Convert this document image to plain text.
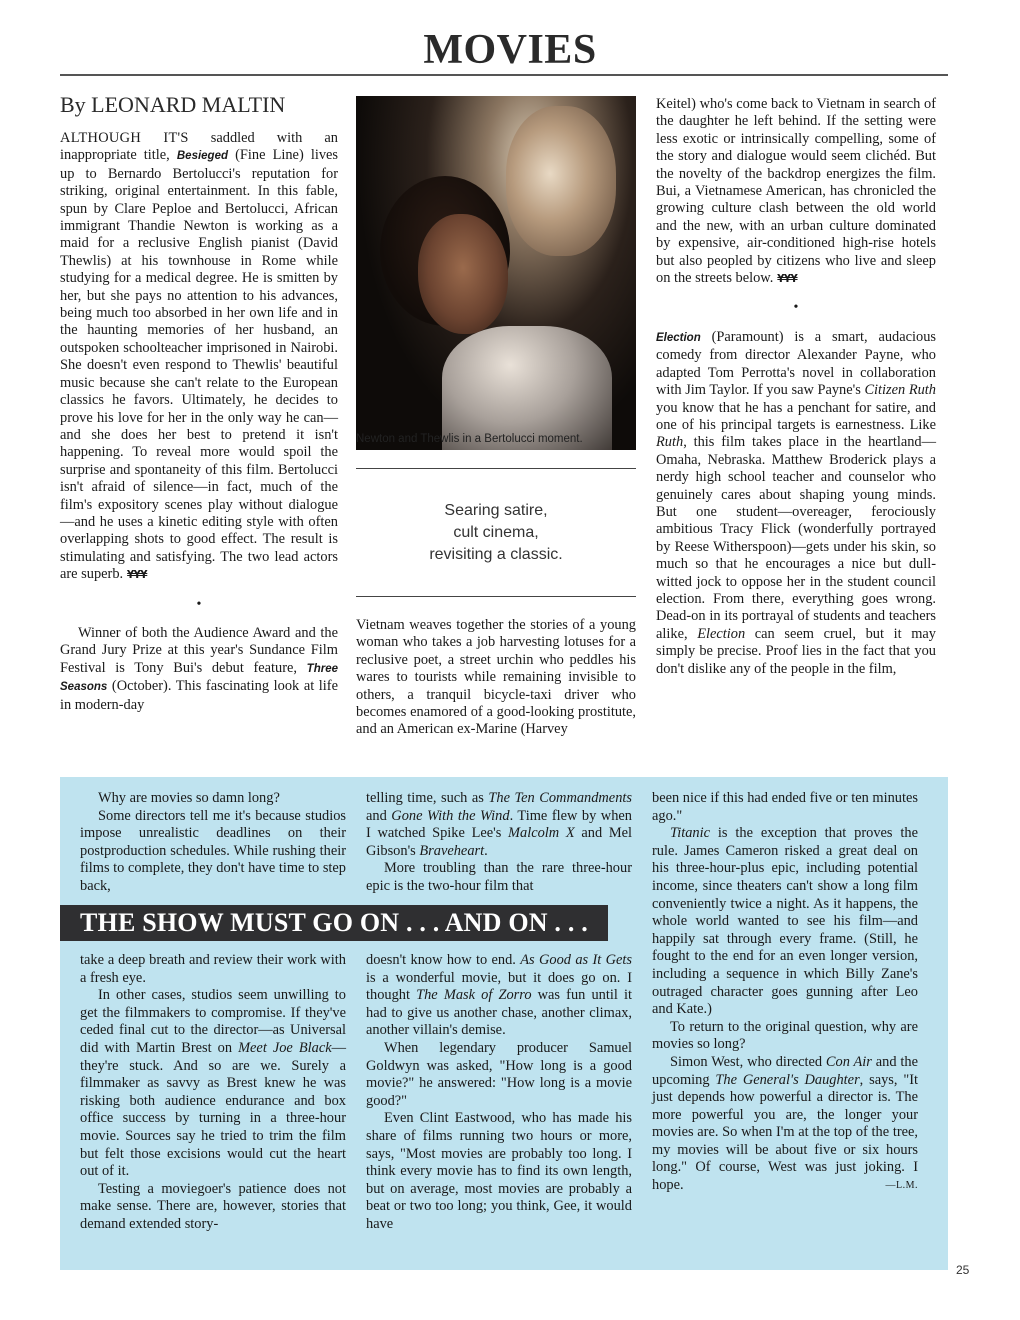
MOVIES
By LEONARD MALTIN

ALTHOUGH IT'S saddled with an inappropriate title, Besieged (Fine Line) lives up to Bernardo Bertolucci's reputation for striking, original entertainment. In this fable, spun by Clare Peploe and Bertolucci, African immigrant Thandie Newton is working as a maid for a reclusive English pianist (David Thewlis) at his townhouse in Rome while studying for a medical degree. He is smitten by her, but she pays no attention to his advances, being much too absorbed in her own life and in the haunting memories of her husband, an outspoken schoolteacher imprisoned in Nairobi. She doesn't even respond to Thewlis' beautiful music because she can't relate to the European classics he favors. Ultimately, he decides to prove his love for her in the only way he can—and she does her best to pretend it isn't happening. To reveal more would spoil the surprise and spontaneity of this film. Bertolucci isn't afraid of silence—in fact, much of the film's expository scenes play without dialogue—and he uses a kinetic editing style with often overlapping shots to good effect. The result is stimulating and satisfying. The two lead actors are superb. ¥¥¥

•

Winner of both the Audience Award and the Grand Jury Prize at this year's Sundance Film Festival is Tony Bui's debut feature, Three Seasons (October). This fascinating look at life in modern-day

Newton and Thewlis in a Bertolucci moment.
Searing satire,
cult cinema,
revisiting a classic.

Vietnam weaves together the stories of a young woman who takes a job harvesting lotuses for a reclusive poet, a street urchin who peddles his wares to tourists while remaining invisible to others, a tranquil bicycle-taxi driver who becomes enamored of a good-looking prostitute, and an American ex-Marine (Harvey

Keitel) who's come back to Vietnam in search of the daughter he left behind. If the setting were less exotic or intrinsically compelling, some of the story and dialogue would seem clichéd. But the novelty of the backdrop energizes the film. Bui, a Vietnamese American, has chronicled the growing culture clash between the old world and the new, with an urban culture dominated by expensive, air-conditioned high-rise hotels but also peopled by citizens who live and sleep on the streets below. ¥¥¥

•

Election (Paramount) is a smart, audacious comedy from director Alexander Payne, who adapted Tom Perrotta's novel in collaboration with Jim Taylor. If you saw Payne's Citizen Ruth you know that he has a penchant for satire, and one of his principal targets is earnestness. Like Ruth, this film takes place in the heartland—Omaha, Nebraska. Matthew Broderick plays a nerdy high school teacher and counselor who genuinely cares about shaping young minds. But one student—overeager, ferociously ambitious Tracy Flick (wonderfully portrayed by Reese Witherspoon)—gets under his skin, so much so that he encourages a nice but dull-witted jock to oppose her in the student council election. From there, everything goes wrong. Dead-on in its portrayal of students and teachers alike, Election can seem cruel, but it may simply be precise. Proof lies in the fact that you don't dislike any of the people in the film,

Why are movies so damn long?

Some directors tell me it's because studios impose unrealistic deadlines on their postproduction schedules. While rushing their films to complete, they don't have time to step back,

THE SHOW MUST GO ON . . . AND ON . . .

take a deep breath and review their work with a fresh eye.

In other cases, studios seem unwilling to get the filmmakers to compromise. If they've ceded final cut to the director—as Universal did with Martin Brest on Meet Joe Black—they're stuck. And so are we. Surely a filmmaker as savvy as Brest knew he was risking both audience endurance and box office success by turning in a three-hour movie. Sources say he tried to trim the film but felt those excisions would cut the heart out of it.

Testing a moviegoer's patience does not make sense. There are, however, stories that demand extended story-

telling time, such as The Ten Commandments and Gone With the Wind. Time flew by when I watched Spike Lee's Malcolm X and Mel Gibson's Braveheart.

More troubling than the rare three-hour epic is the two-hour film that

doesn't know how to end. As Good as It Gets is a wonderful movie, but it does go on. I thought The Mask of Zorro was fun until it had to give us another chase, another climax, another villain's demise.

When legendary producer Samuel Goldwyn was asked, "How long is a good movie?" he answered: "How long is a movie good?"

Even Clint Eastwood, who has made his share of films running two hours or more, says, "Most movies are probably too long. I think every movie has to find its own length, but on average, most movies are probably a beat or two too long; you think, Gee, it would have

been nice if this had ended five or ten minutes ago."

Titanic is the exception that proves the rule. James Cameron risked a great deal on his three-hour-plus epic, including potential income, since theaters can't show a long film conveniently twice a night. As it happens, the whole world wanted to see his film—and happily sat through every frame. (Still, he fought to the end for an even longer version, including a sequence in which Billy Zane's outraged character goes gunning after Leo and Kate.)

To return to the original question, why are movies so long?

Simon West, who directed Con Air and the upcoming The General's Daughter, says, "It just depends how powerful a director is. The more powerful you are, the longer your movies are. So when I'm at the top of the tree, my movies will be about five or six hours long." Of course, West was just joking. I hope.	—L.M.

25
